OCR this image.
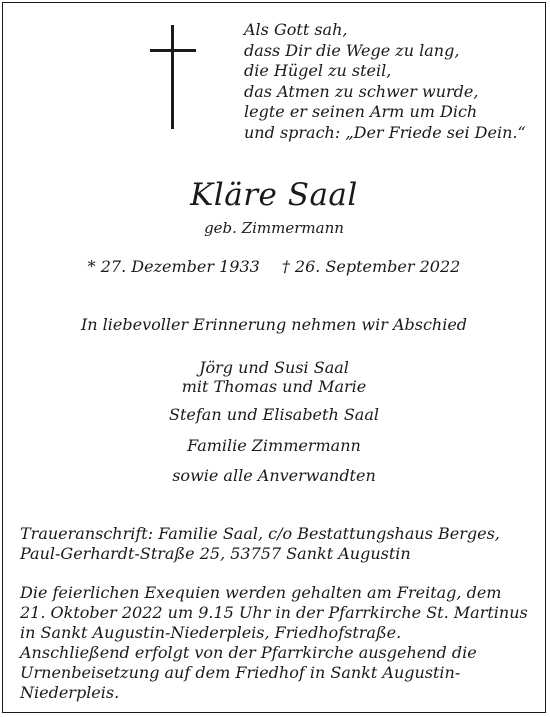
Als Gott sah,
dass Dir die Wege zu lang,
die Hügel zu steil,
das Atmen zu schwer wurde,
legte er seinen Arm um Dich
und sprach: „Der Friede sei Dein.“
Kläre Saal
geb. Zimmermann
* 27. Dezember 1933 † 26. September 2022
In liebevoller Erinnerung nehmen wir Abschied
Jörg und Susi Saal
mit Thomas und Marie
Stefan und Elisabeth Saal
Familie Zimmermann
sowie alle Anverwandten
Traueranschrift: Familie Saal, c/o Bestattungshaus Berges,
Paul-Gerhardt-Straße 25, 53757 Sankt Augustin
Die feierlichen Exequien werden gehalten am Freitag, dem
21. Oktober 2022 um 9.15 Uhr in der Pfarrkirche St. Martinus
in Sankt Augustin-Niederpleis, Friedhofstraße.
Anschließend erfolgt von der Pfarrkirche ausgehend die
Urnenbeisetzung auf dem Friedhof in Sankt Augustin-
Niederpleis.
